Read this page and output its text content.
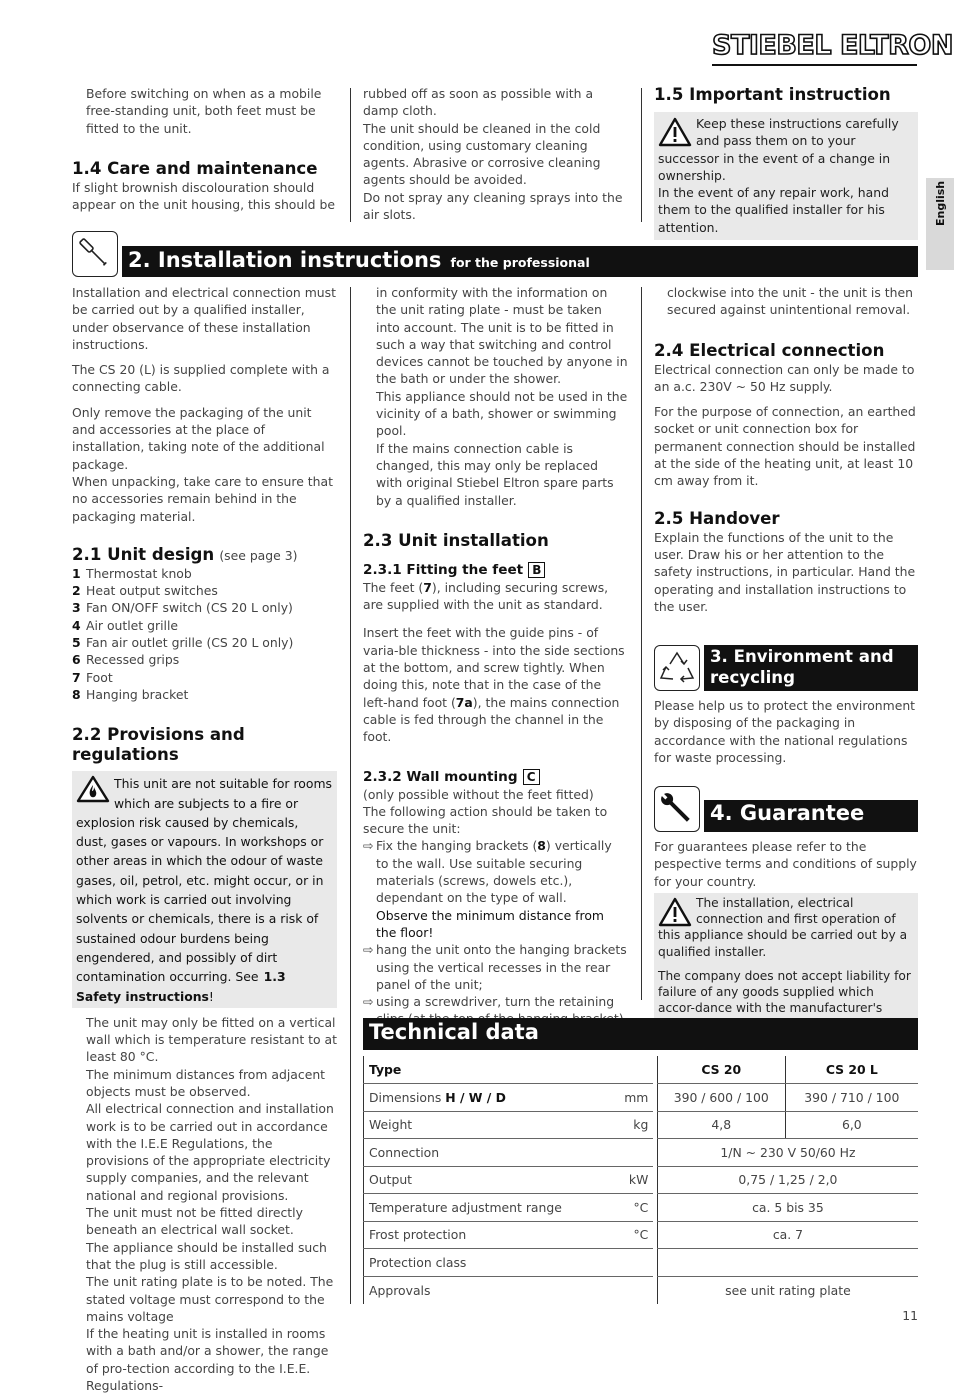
STIEBEL ELTRON
English
Before switching on when as a mobile free-standing unit, both feet must be fitted to the unit.
1.4 Care and maintenance
If slight brownish discolouration should appear on the unit housing, this should be
rubbed off as soon as possible with a damp cloth.
The unit should be cleaned in the cold condition, using customary cleaning agents. Abrasive or corrosive cleaning agents should be avoided.
Do not spray any cleaning sprays into the air slots.
1.5 Important instruction
Keep these instructions carefully and pass them on to your successor in the event of a change in ownership.
In the event of any repair work, hand them to the qualified installer for his attention.
2. Installation instructions for the professional
Installation and electrical connection must be carried out by a qualified installer, under observance of these installation instructions.
The CS 20 (L) is supplied complete with a connecting cable.
Only remove the packaging of the unit and accessories at the place of installation, taking note of the additional package.
When unpacking, take care to ensure that no accessories remain behind in the packaging material.
2.1 Unit design (see page 3)
1 Thermostat knob
2 Heat output switches
3 Fan ON/OFF switch (CS 20 L only)
4 Air outlet grille
5 Fan air outlet grille (CS 20 L only)
6 Recessed grips
7 Foot
8 Hanging bracket
2.2 Provisions and regulations
This unit are not suitable for rooms which are subjects to a fire or explosion risk caused by chemicals, dust, gases or vapours. In workshops or other areas in which the odour of waste gases, oil, petrol, etc. might occur, or in which work is carried out involving solvents or chemicals, there is a risk of sustained odour burdens being engendered, and possibly of dirt contamination occurring. See 1.3 Safety instructions!
The unit may only be fitted on a vertical wall which is temperature resistant to at least 80 °C.
The minimum distances from adjacent objects must be observed.
All electrical connection and installation work is to be carried out in accordance with the I.E.E Regulations, the provisions of the appropriate electricity supply companies, and the relevant national and regional provisions.
The unit must not be fitted directly beneath an electrical wall socket.
The appliance should be installed such that the plug is still accessible.
The unit rating plate is to be noted. The stated voltage must correspond to the mains voltage
If the heating unit is installed in rooms with a bath and/or a shower, the range of pro-tection according to the I.E.E. Regulations-
in conformity with the information on the unit rating plate - must be taken into account. The unit is to be fitted in such a way that switching and control devices cannot be touched by anyone in the bath or under the shower.
This appliance should not be used in the vicinity of a bath, shower or swimming pool.
If the mains connection cable is changed, this may only be replaced with original Stiebel Eltron spare parts by a qualified installer.
2.3 Unit installation
2.3.1 Fitting the feet B
The feet (7), including securing screws, are supplied with the unit as standard.
Insert the feet with the guide pins - of varia-ble thickness - into the side sections at the bottom, and screw tightly. When doing this, note that in the case of the left-hand foot (7a), the mains connection cable is fed through the channel in the foot.
2.3.2 Wall mounting C
(only possible without the feet fitted)
The following action should be taken to secure the unit:
⇨ Fix the hanging brackets (8) vertically to the wall. Use suitable securing materials (screws, dowels etc.), dependant on the type of wall.
Observe the minimum distance from the floor!
⇨ hang the unit onto the hanging brackets using the vertical recesses in the rear panel of the unit;
⇨ using a screwdriver, turn the retaining
clockwise into the unit - the unit is then secured against unintentional removal.
2.4 Electrical connection
Electrical connection can only be made to an a.c. 230V ~ 50 Hz supply.
For the purpose of connection, an earthed socket or unit connection box for permanent connection should be installed at the side of the heating unit, at least 10 cm away from it.
2.5 Handover
Explain the functions of the unit to the user. Draw his or her attention to the safety instructions, in particular. Hand the operating and installation instructions to the user.
3. Environment and recycling
Please help us to protect the environment by disposing of the packaging in accordance with the national regulations for waste processing.
4. Guarantee
For guarantees please refer to the pespective terms and conditions of supply for your country.
The installation, electrical connection and first operation of this appliance should be carried out by a qualified installer.
The company does not accept liability for failure of any goods supplied which accor-dance with the manufacturer's
Technical data
Type		CS 20	CS 20 L

Dimensions H / W / D mm		390 / 600 / 100	390 / 710 / 100

Weight kg		4,8	6,0

Connection		1/N ~ 230 V 50/60 Hz	

Output kW		0,75 / 1,25 / 2,0	

Temperature adjustment range °C		ca. 5 bis 35	

Frost protection °C		ca. 7	

Protection class			

Approvals		see unit rating plate	
11
